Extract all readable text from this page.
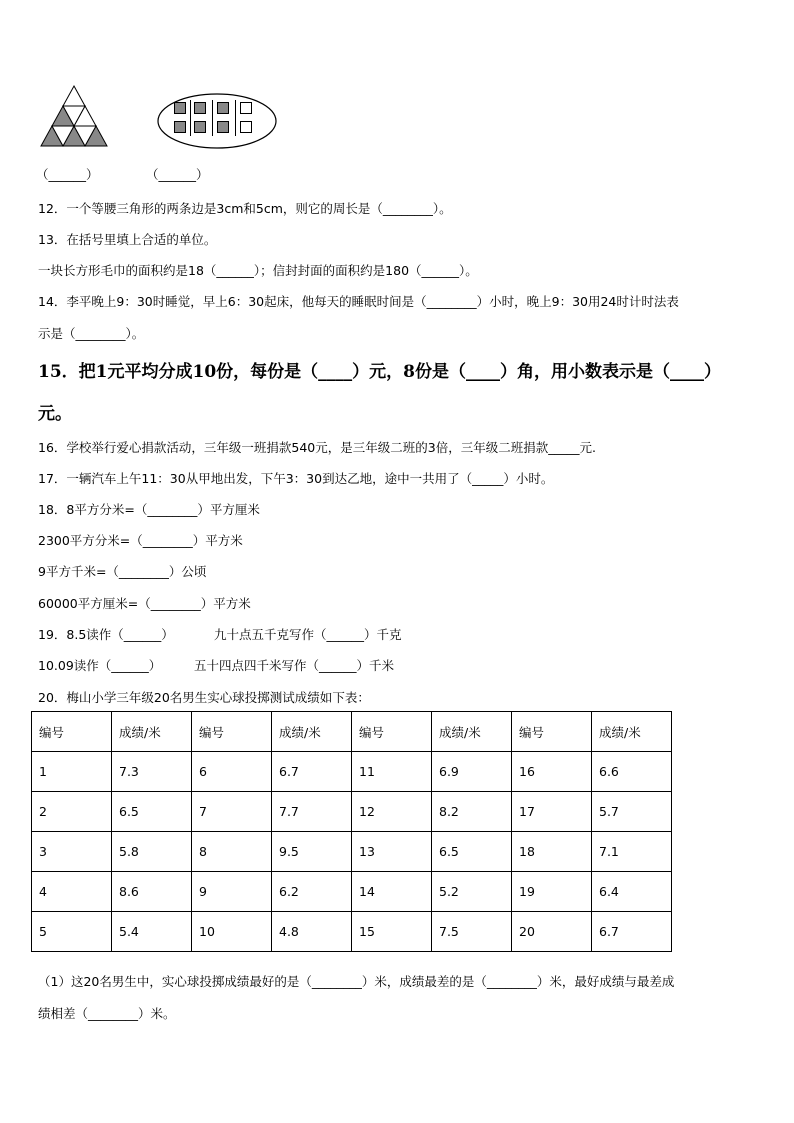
（______）	（______）
12．一个等腰三角形的两条边是3cm和5cm，则它的周长是（________）。
13．在括号里填上合适的单位。
一块长方形毛巾的面积约是18（______）；信封封面的面积约是180（______）。
14．李平晚上9：30时睡觉，早上6：30起床，他每天的睡眠时间是（________）小时，晚上9：30用24时计时法表
示是（________）。
15．把1元平均分成10份，每份是（____）元，8份是（____）角，用小数表示是（____）
元。
16．学校举行爱心捐款活动，三年级一班捐款540元，是三年级二班的3倍，三年级二班捐款_____元.
17．一辆汽车上午11：30从甲地出发，下午3：30到达乙地，途中一共用了（_____）小时。
18．8平方分米=（________）平方厘米
2300平方分米=（________）平方米
9平方千米=（________）公顷
60000平方厘米=（________）平方米
19．8.5读作（______）	九十点五千克写作（______）千克
10.09读作（______）	五十四点四千米写作（______）千米
20．梅山小学三年级20名男生实心球投掷测试成绩如下表：
编号	成绩/米	编号	成绩/米	编号	成绩/米	编号	成绩/米
1	7.3	6	6.7	11	6.9	16	6.6
2	6.5	7	7.7	12	8.2	17	5.7
3	5.8	8	9.5	13	6.5	18	7.1
4	8.6	9	6.2	14	5.2	19	6.4
5	5.4	10	4.8	15	7.5	20	6.7
（1）这20名男生中，实心球投掷成绩最好的是（________）米，成绩最差的是（________）米，最好成绩与最差成
绩相差（________）米。
